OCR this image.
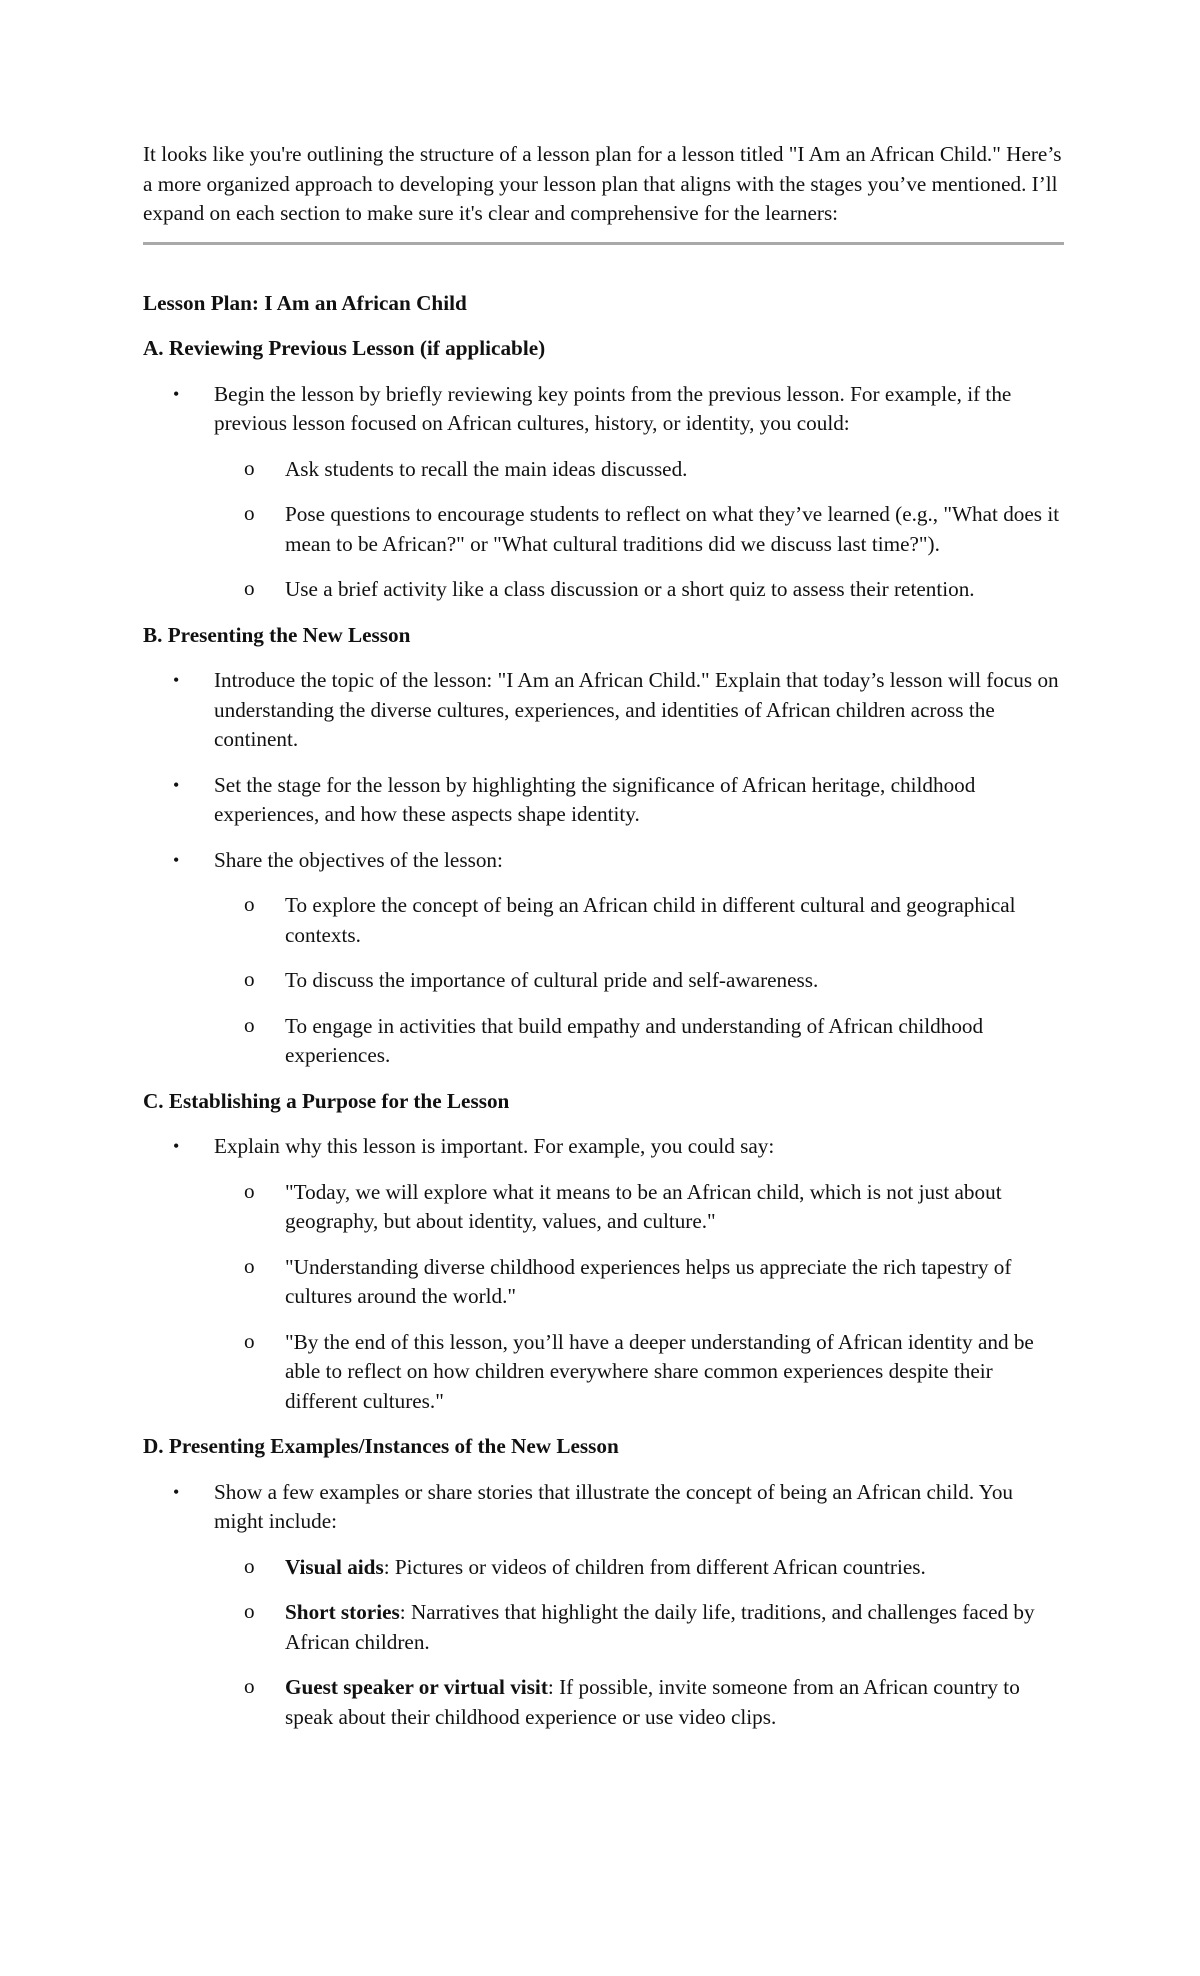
It looks like you're outlining the structure of a lesson plan for a lesson titled "I Am an African Child." Here’s a more organized approach to developing your lesson plan that aligns with the stages you’ve mentioned. I’ll expand on each section to make sure it's clear and comprehensive for the learners:

Lesson Plan: I Am an African Child

A. Reviewing Previous Lesson (if applicable)

• Begin the lesson by briefly reviewing key points from the previous lesson. For example, if the previous lesson focused on African cultures, history, or identity, you could:
o Ask students to recall the main ideas discussed.
o Pose questions to encourage students to reflect on what they’ve learned (e.g., "What does it mean to be African?" or "What cultural traditions did we discuss last time?").
o Use a brief activity like a class discussion or a short quiz to assess their retention.

B. Presenting the New Lesson

• Introduce the topic of the lesson: "I Am an African Child." Explain that today’s lesson will focus on understanding the diverse cultures, experiences, and identities of African children across the continent.
• Set the stage for the lesson by highlighting the significance of African heritage, childhood experiences, and how these aspects shape identity.
• Share the objectives of the lesson:
o To explore the concept of being an African child in different cultural and geographical contexts.
o To discuss the importance of cultural pride and self-awareness.
o To engage in activities that build empathy and understanding of African childhood experiences.

C. Establishing a Purpose for the Lesson

• Explain why this lesson is important. For example, you could say:
o "Today, we will explore what it means to be an African child, which is not just about geography, but about identity, values, and culture."
o "Understanding diverse childhood experiences helps us appreciate the rich tapestry of cultures around the world."
o "By the end of this lesson, you’ll have a deeper understanding of African identity and be able to reflect on how children everywhere share common experiences despite their different cultures."

D. Presenting Examples/Instances of the New Lesson

• Show a few examples or share stories that illustrate the concept of being an African child. You might include:
o Visual aids: Pictures or videos of children from different African countries.
o Short stories: Narratives that highlight the daily life, traditions, and challenges faced by African children.
o Guest speaker or virtual visit: If possible, invite someone from an African country to speak about their childhood experience or use video clips.
